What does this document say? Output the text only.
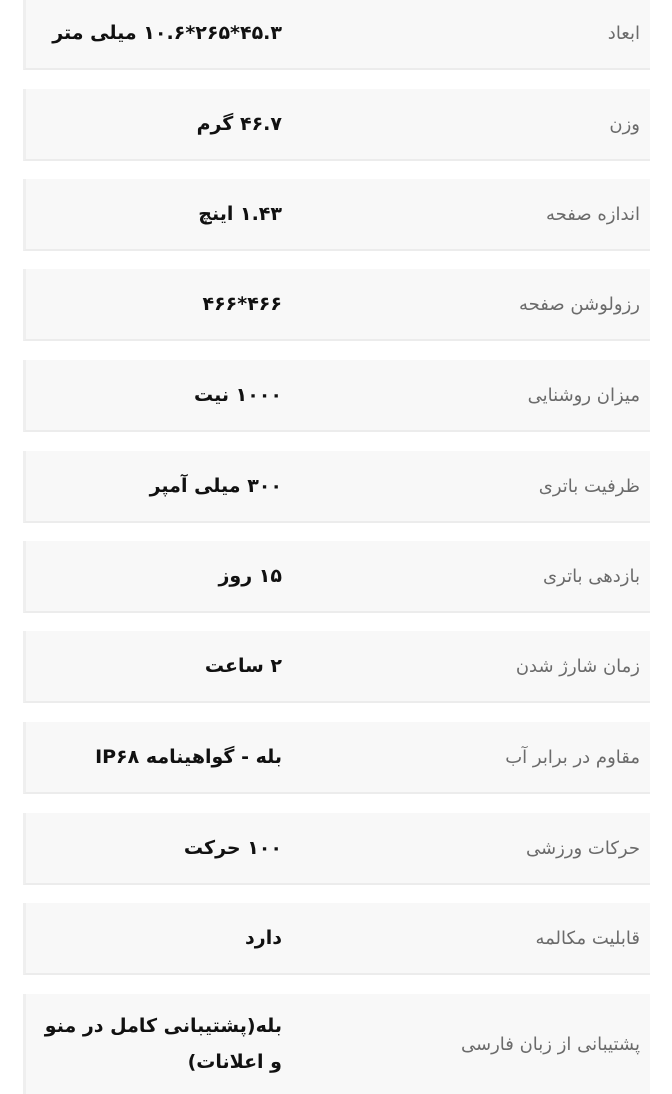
ابعاد
۴۵.۳*۲۶۵*۱۰.۶ میلی متر
وزن
۴۶.۷ گرم
اندازه صفحه
۱.۴۳ اینچ
رزولوشن صفحه
۴۶۶*۴۶۶
میزان روشنایی
۱۰۰۰ نیت
ظرفیت باتری
۳۰۰ میلی آمپر
بازدهی باتری
۱۵ روز
زمان شارژ شدن
۲ ساعت
مقاوم در برابر آب
بله - گواهینامه IP۶۸
حرکات ورزشی
۱۰۰ حرکت
قابلیت مکالمه
دارد
پشتیبانی از زبان فارسی
بله(پشتیبانی کامل در منو و اعلانات)
